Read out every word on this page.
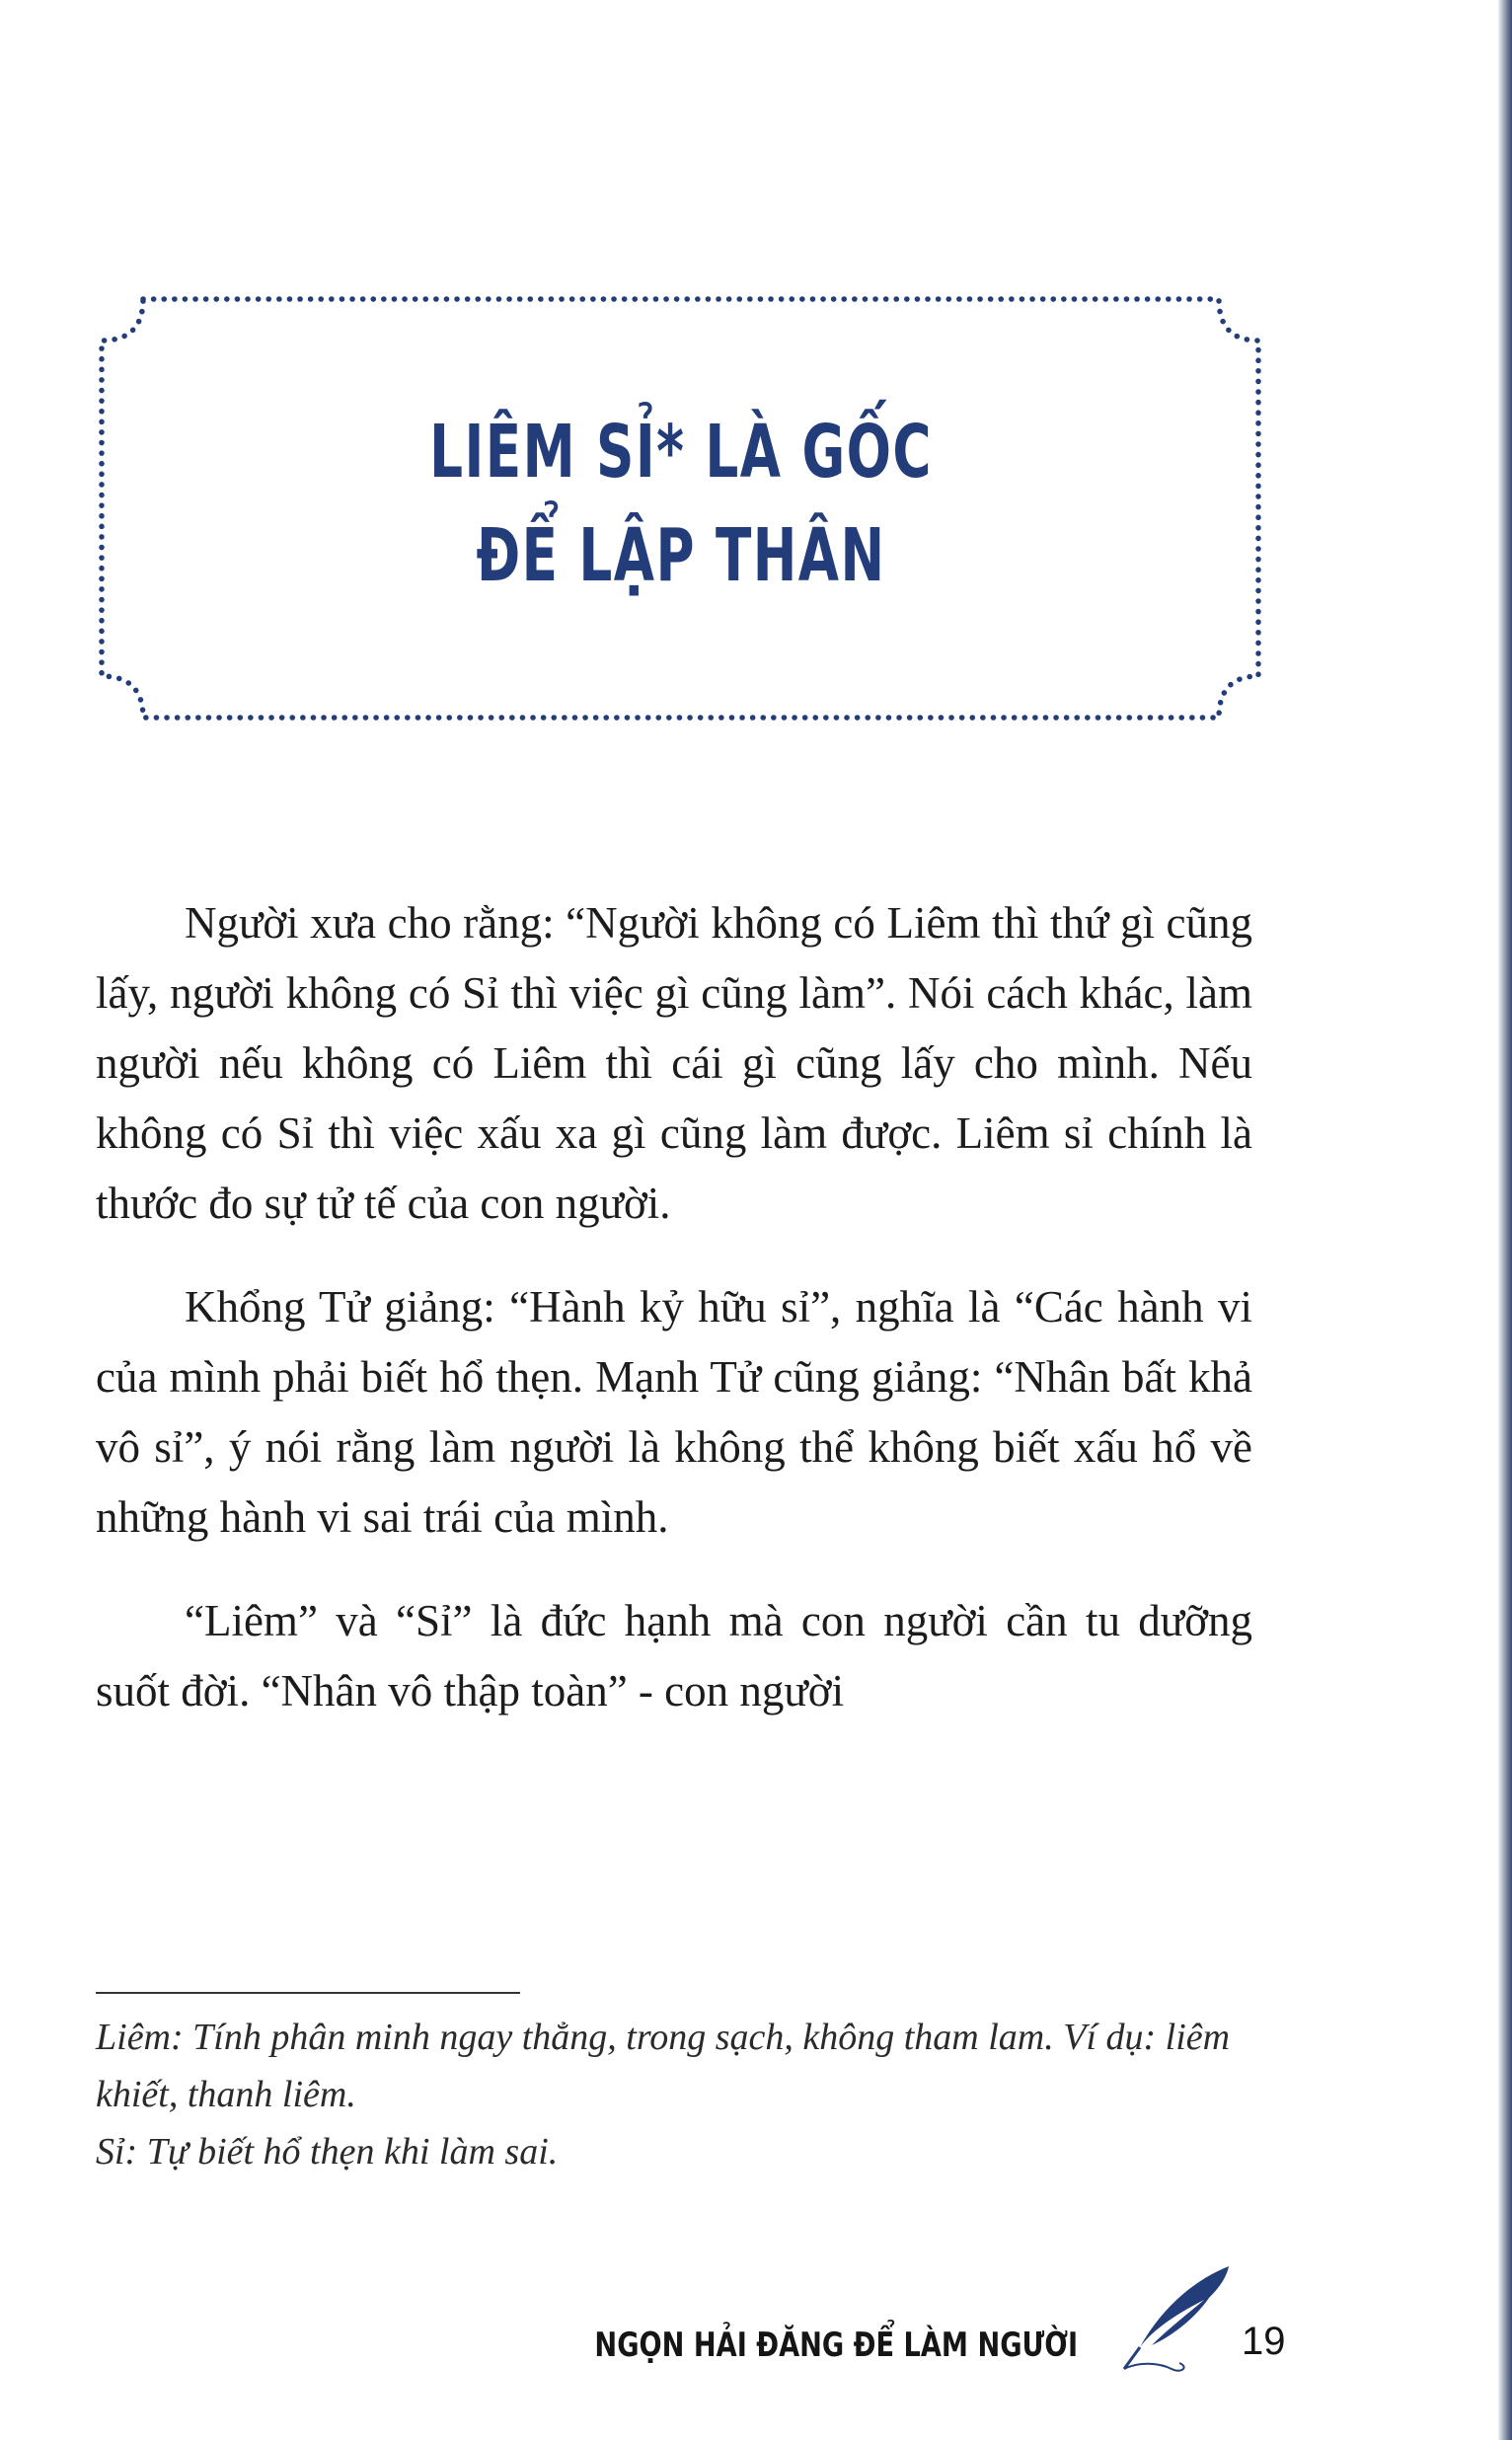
LIÊM SỈ* LÀ GỐC
ĐỂ LẬP THÂN

Người xưa cho rằng: “Người không có Liêm thì thứ gì cũng lấy, người không có Sỉ thì việc gì cũng làm”. Nói cách khác, làm người nếu không có Liêm thì cái gì cũng lấy cho mình. Nếu không có Sỉ thì việc xấu xa gì cũng làm được. Liêm sỉ chính là thước đo sự tử tế của con người.

Khổng Tử giảng: “Hành kỷ hữu sỉ”, nghĩa là “Các hành vi của mình phải biết hổ thẹn. Mạnh Tử cũng giảng: “Nhân bất khả vô sỉ”, ý nói rằng làm người là không thể không biết xấu hổ về những hành vi sai trái của mình.

“Liêm” và “Sỉ” là đức hạnh mà con người cần tu dưỡng suốt đời. “Nhân vô thập toàn” - con người

Liêm: Tính phân minh ngay thẳng, trong sạch, không tham lam. Ví dụ: liêm khiết, thanh liêm.

Sỉ: Tự biết hổ thẹn khi làm sai.

NGỌN HẢI ĐĂNG ĐỂ LÀM NGƯỜI	19
